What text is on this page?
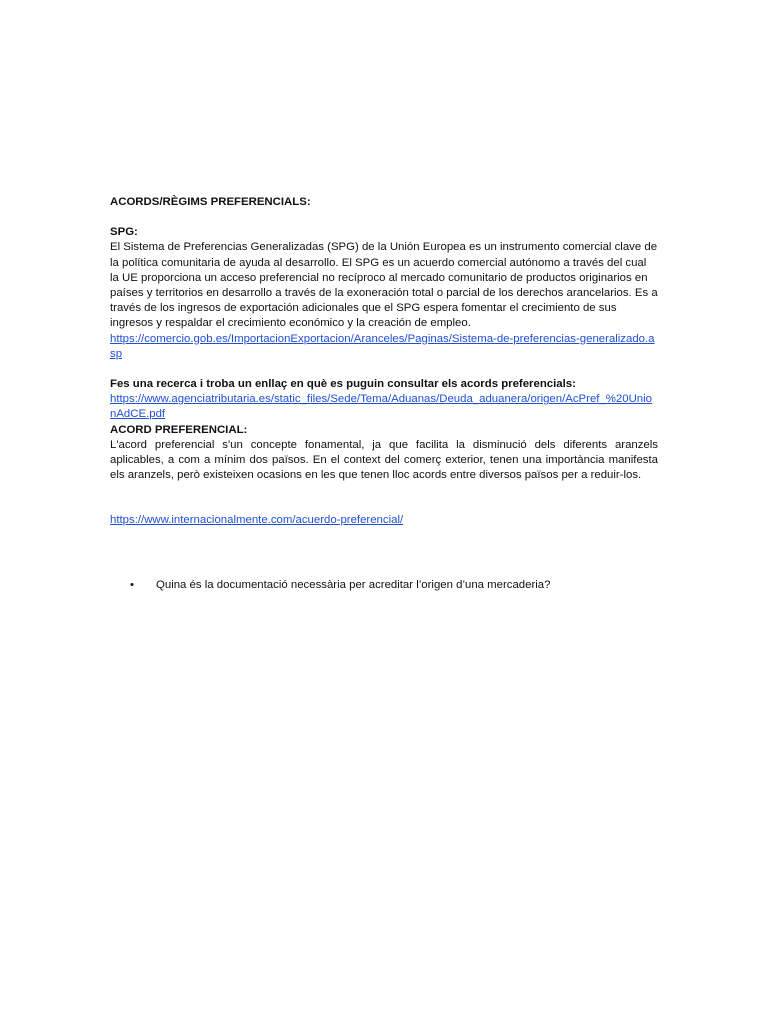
ACORDS/RÈGIMS PREFERENCIALS:

SPG:

El Sistema de Preferencias Generalizadas (SPG) de la Unión Europea es un instrumento comercial clave de la política comunitaria de ayuda al desarrollo. El SPG es un acuerdo comercial autónomo a través del cual la UE proporciona un acceso preferencial no recíproco al mercado comunitario de productos originarios en países y territorios en desarrollo a través de la exoneración total o parcial de los derechos arancelarios. Es a través de los ingresos de exportación adicionales que el SPG espera fomentar el crecimiento de sus ingresos y respaldar el crecimiento económico y la creación de empleo.

https://comercio.gob.es/ImportacionExportacion/Aranceles/Paginas/Sistema-de-preferencias-generalizado.asp

Fes una recerca i troba un enllaç en què es puguin consultar els acords preferencials:

https://www.agenciatributaria.es/static_files/Sede/Tema/Aduanas/Deuda_aduanera/origen/AcPref_%20UnionAdCE.pdf

ACORD PREFERENCIAL:

L'acord preferencial s'un concepte fonamental, ja que facilita la disminució dels diferents aranzels aplicables, a com a mínim dos països. En el context del comerç exterior, tenen una importància manifesta els aranzels, però existeixen ocasions en les que tenen lloc acords entre diversos països per a reduir-los.

https://www.internacionalmente.com/acuerdo-preferencial/
•	Quina és la documentació necessària per acreditar l’origen d’una mercaderia?
